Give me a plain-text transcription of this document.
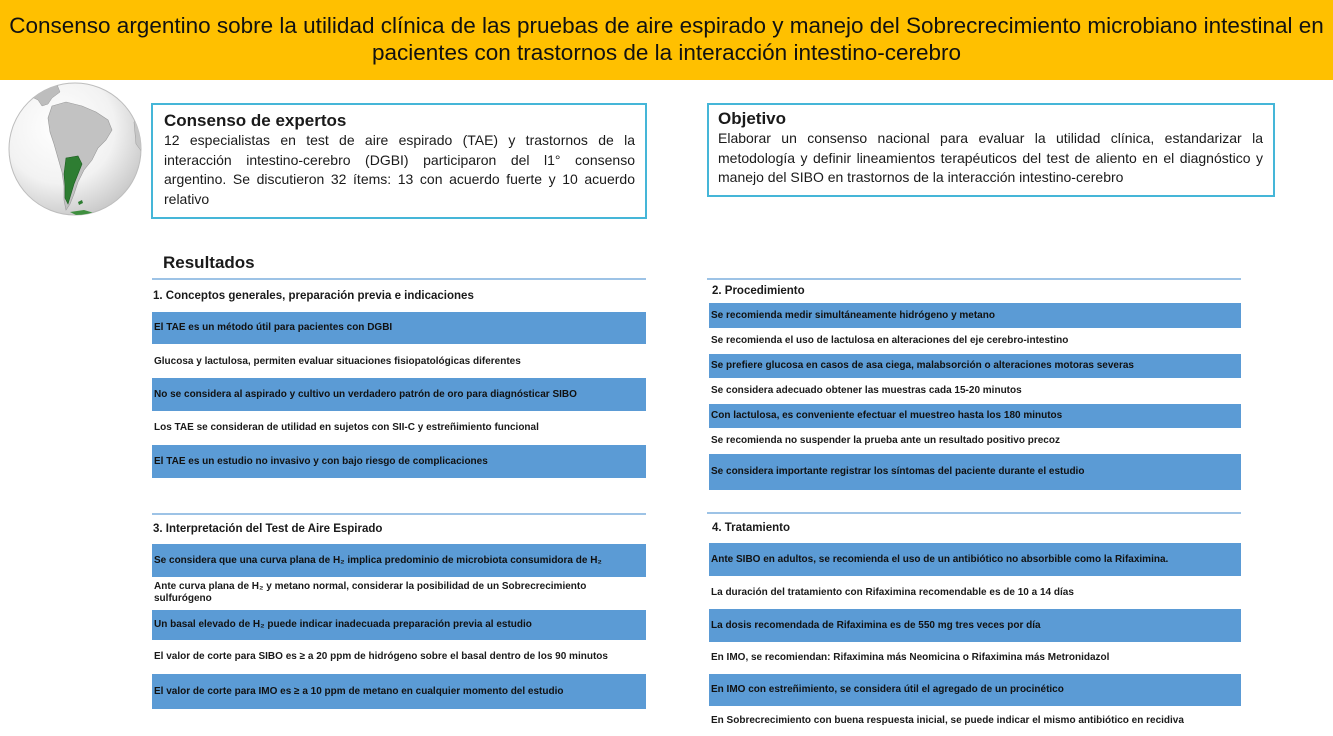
Consenso argentino sobre la utilidad clínica de las pruebas de aire espirado y manejo del Sobrecrecimiento microbiano intestinal en pacientes con trastornos de la interacción intestino-cerebro
Consenso de expertos

12 especialistas en test de aire espirado (TAE) y trastornos de la interacción intestino-cerebro (DGBI) participaron del l1° consenso argentino. Se discutieron 32 ítems: 13 con acuerdo fuerte y 10 acuerdo relativo

Objetivo

Elaborar un consenso nacional para evaluar la utilidad clínica, estandarizar la metodología y definir lineamientos terapéuticos del test de aliento en el diagnóstico y manejo del SIBO en trastornos de la interacción intestino-cerebro

Resultados
1. Conceptos generales, preparación previa e indicaciones
El TAE es un método útil para pacientes con DGBI
Glucosa y lactulosa, permiten evaluar situaciones fisiopatológicas diferentes
No se considera al aspirado y cultivo un verdadero patrón de oro para diagnósticar SIBO
Los TAE se consideran de utilidad en sujetos con SII-C y estreñimiento funcional
El TAE es un estudio no invasivo y con bajo riesgo de complicaciones
2. Procedimiento
Se recomienda medir simultáneamente hidrógeno y metano
Se recomienda el uso de lactulosa en alteraciones del eje cerebro-intestino
Se prefiere glucosa en casos de asa ciega, malabsorción o alteraciones motoras severas
Se considera adecuado obtener las muestras cada 15-20 minutos
Con lactulosa, es conveniente efectuar el muestreo hasta los 180 minutos
Se recomienda no suspender la prueba ante un resultado positivo precoz
Se considera importante registrar los síntomas del paciente durante el estudio
3. Interpretación del Test de Aire Espirado
Se considera que una curva plana de H₂ implica predominio de microbiota consumidora de H₂
Ante curva plana de H₂ y metano normal, considerar la posibilidad de un Sobrecrecimiento sulfurógeno
Un basal elevado de H₂ puede indicar inadecuada preparación previa al estudio
El valor de corte para SIBO es ≥ a 20 ppm de hidrógeno sobre el basal dentro de los 90 minutos
El valor de corte para IMO es ≥ a 10 ppm de metano en cualquier momento del estudio
4. Tratamiento
Ante SIBO en adultos, se recomienda el uso de un antibiótico no absorbible como la Rifaximina.
La duración del tratamiento con Rifaximina recomendable es de 10 a 14 días
La dosis recomendada de Rifaximina es de 550 mg tres veces por día
En IMO, se recomiendan: Rifaximina más Neomicina o Rifaximina más Metronidazol
En IMO con estreñimiento, se considera útil el agregado de un procinético
En Sobrecrecimiento con buena respuesta inicial, se puede indicar el mismo antibiótico en recidiva
